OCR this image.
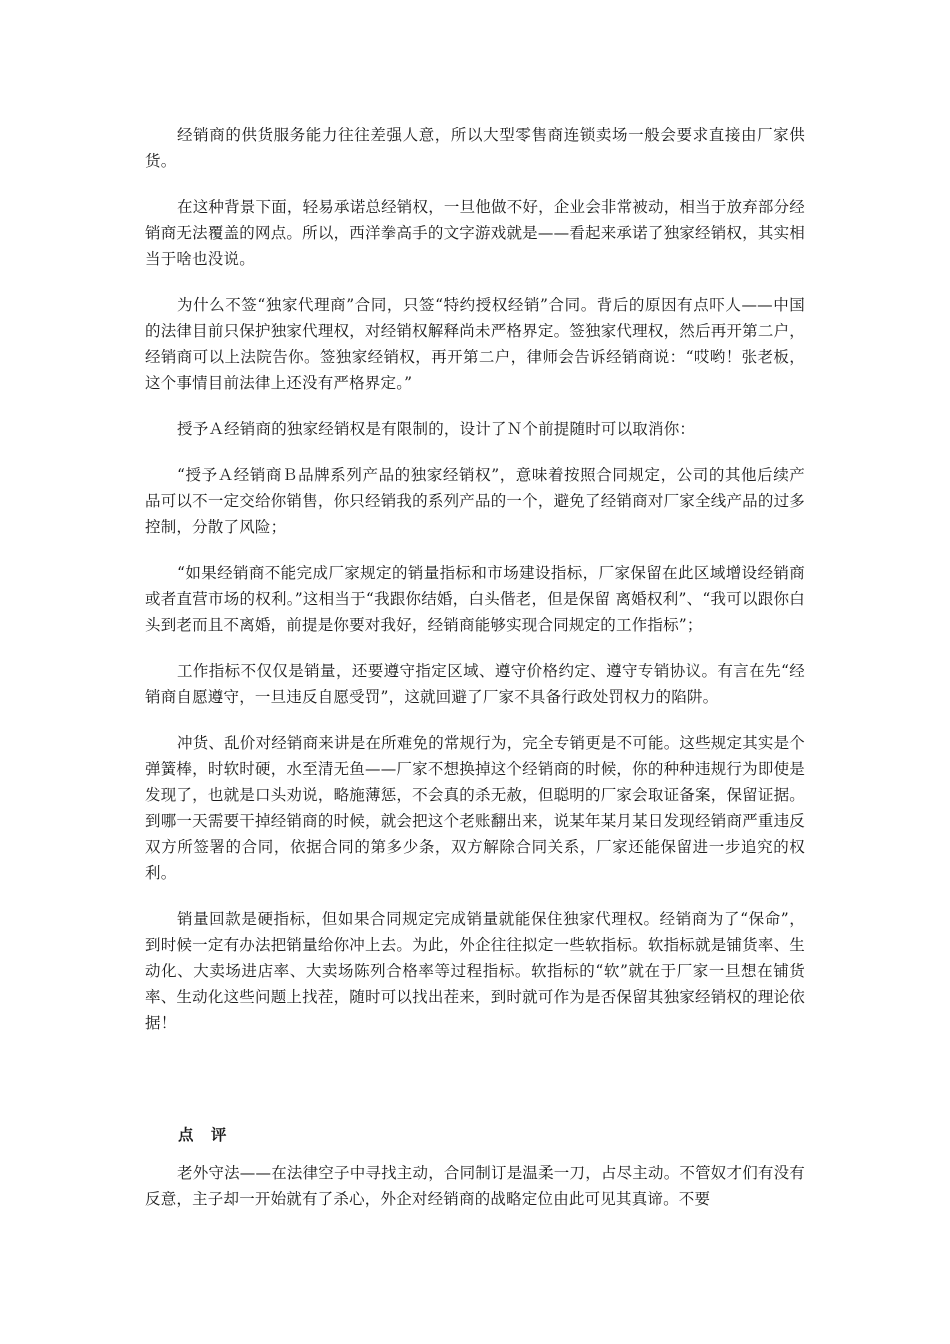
经销商的供货服务能力往往差强人意，所以大型零售商连锁卖场一般会要求直接由厂家供货。

在这种背景下面，轻易承诺总经销权，一旦他做不好，企业会非常被动，相当于放弃部分经销商无法覆盖的网点。所以，西洋拳高手的文字游戏就是——看起来承诺了独家经销权，其实相当于啥也没说。

为什么不签“独家代理商”合同，只签“特约授权经销”合同。背后的原因有点吓人——中国的法律目前只保护独家代理权，对经销权解释尚未严格界定。签独家代理权，然后再开第二户，经销商可以上法院告你。签独家经销权，再开第二户，律师会告诉经销商说：“哎哟！张老板，这个事情目前法律上还没有严格界定。”

授予Ａ经销商的独家经销权是有限制的，设计了Ｎ个前提随时可以取消你：

“授予Ａ经销商Ｂ品牌系列产品的独家经销权”，意味着按照合同规定，公司的其他后续产品可以不一定交给你销售，你只经销我的系列产品的一个，避免了经销商对厂家全线产品的过多控制，分散了风险；

“如果经销商不能完成厂家规定的销量指标和市场建设指标，厂家保留在此区域增设经销商或者直营市场的权利。”这相当于“我跟你结婚，白头偕老，但是保留 离婚权利”、“我可以跟你白头到老而且不离婚，前提是你要对我好，经销商能够实现合同规定的工作指标”；

工作指标不仅仅是销量，还要遵守指定区域、遵守价格约定、遵守专销协议。有言在先“经销商自愿遵守，一旦违反自愿受罚”，这就回避了厂家不具备行政处罚权力的陷阱。

冲货、乱价对经销商来讲是在所难免的常规行为，完全专销更是不可能。这些规定其实是个弹簧棒，时软时硬，水至清无鱼——厂家不想换掉这个经销商的时候，你的种种违规行为即使是发现了，也就是口头劝说，略施薄惩，不会真的杀无赦，但聪明的厂家会取证备案，保留证据。到哪一天需要干掉经销商的时候，就会把这个老账翻出来，说某年某月某日发现经销商严重违反双方所签署的合同，依据合同的第多少条，双方解除合同关系，厂家还能保留进一步追究的权利。

销量回款是硬指标，但如果合同规定完成销量就能保住独家代理权。经销商为了“保命”，到时候一定有办法把销量给你冲上去。为此，外企往往拟定一些软指标。软指标就是铺货率、生动化、大卖场进店率、大卖场陈列合格率等过程指标。软指标的“软”就在于厂家一旦想在铺货率、生动化这些问题上找茬，随时可以找出茬来，到时就可作为是否保留其独家经销权的理论依据！

点 评

老外守法——在法律空子中寻找主动，合同制订是温柔一刀，占尽主动。不管奴才们有没有反意，主子却一开始就有了杀心，外企对经销商的战略定位由此可见其真谛。不要
